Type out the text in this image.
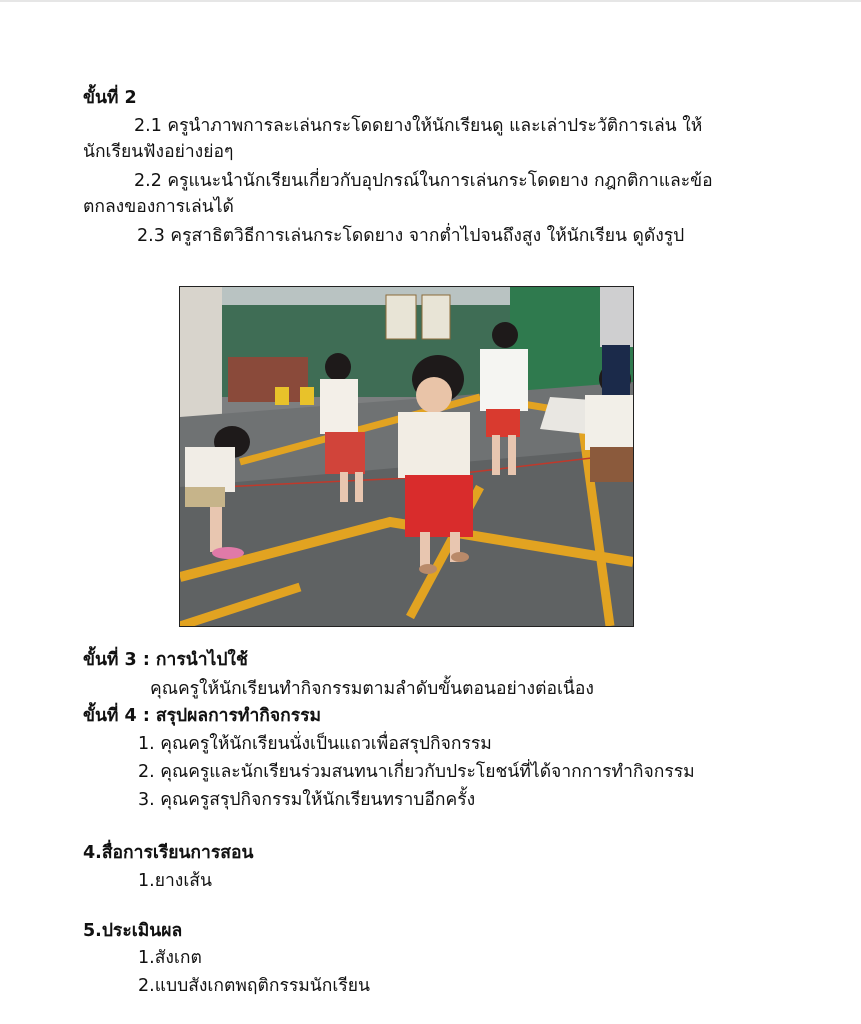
ขั้นที่ 2
2.1 ครูนำภาพการละเล่นกระโดดยางให้นักเรียนดู และเล่าประวัติการเล่น ให้
นักเรียนฟังอย่างย่อๆ
2.2 ครูแนะนำนักเรียนเกี่ยวกับอุปกรณ์ในการเล่นกระโดดยาง กฎกติกาและข้อ
ตกลงของการเล่นได้
2.3 ครูสาธิตวิธีการเล่นกระโดดยาง จากต่ำไปจนถึงสูง ให้นักเรียน ดูดังรูป
ขั้นที่ 3 : การนำไปใช้
คุณครูให้นักเรียนทำกิจกรรมตามลำดับขั้นตอนอย่างต่อเนื่อง
ขั้นที่ 4 : สรุปผลการทำกิจกรรม
1. คุณครูให้นักเรียนนั่งเป็นแถวเพื่อสรุปกิจกรรม
2. คุณครูและนักเรียนร่วมสนทนาเกี่ยวกับประโยชน์ที่ได้จากการทำกิจกรรม
3. คุณครูสรุปกิจกรรมให้นักเรียนทราบอีกครั้ง
4.สื่อการเรียนการสอน
1.ยางเส้น
5.ประเมินผล
1.สังเกต
2.แบบสังเกตพฤติกรรมนักเรียน
